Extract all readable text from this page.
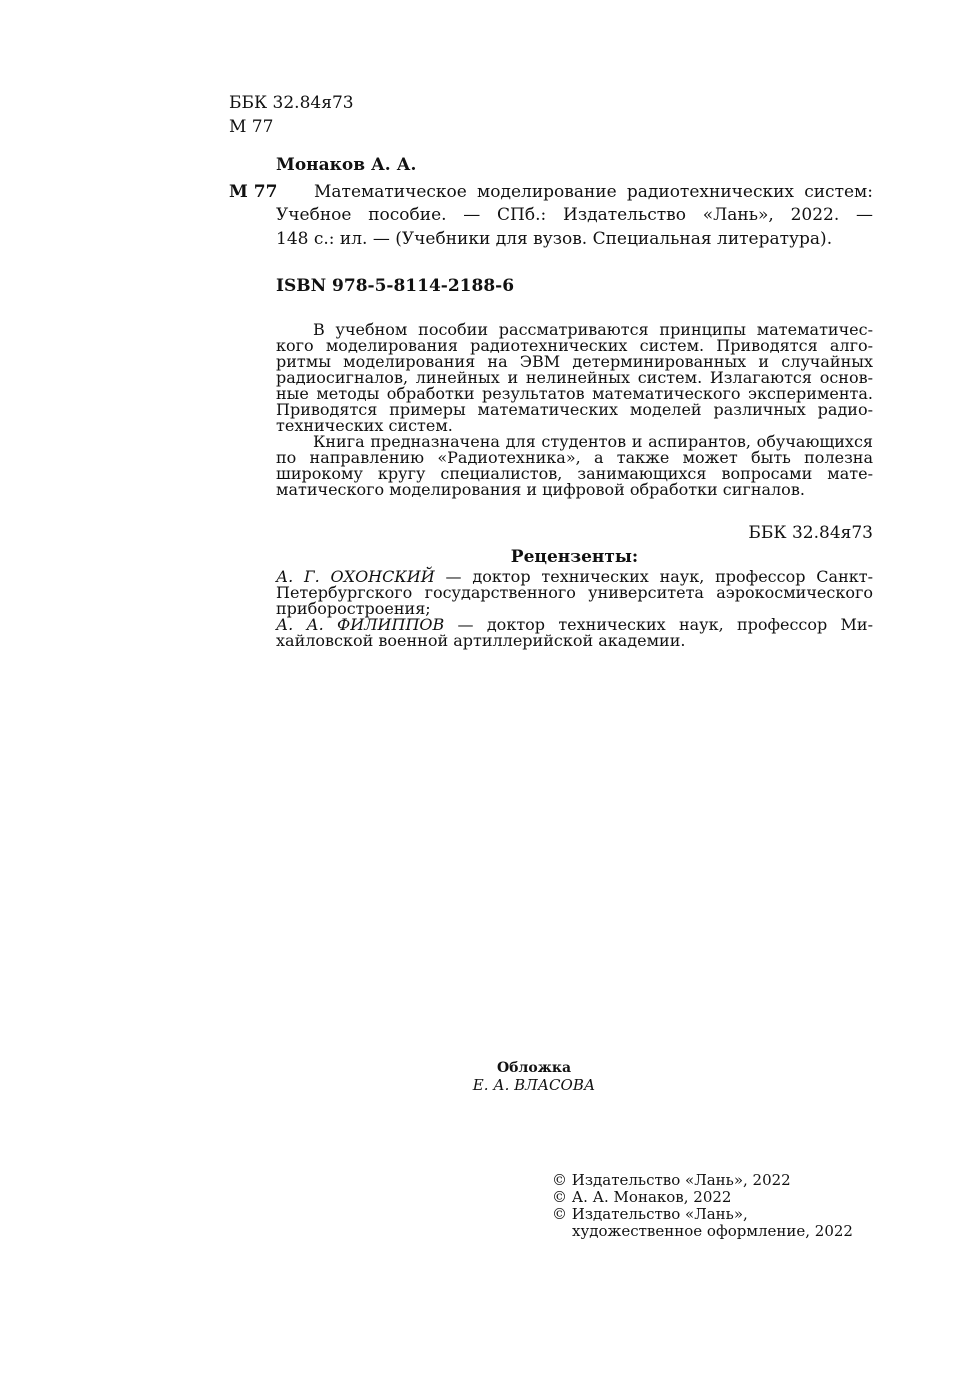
ББК 32.84я73
М 77
Монаков А. А.
М 77 Математическое моделирование радиотехнических систем:
Учебное пособие. — СПб.: Издательство «Лань», 2022. —
148 с.: ил. — (Учебники для вузов. Специальная литература).
ISBN 978-5-8114-2188-6
В учебном пособии рассматриваются принципы математичес-
кого моделирования радиотехнических систем. Приводятся алго-
ритмы моделирования на ЭВМ детерминированных и случайных
радиосигналов, линейных и нелинейных систем. Излагаются основ-
ные методы обработки результатов математического эксперимента.
Приводятся примеры математических моделей различных радио-
технических систем.
Книга предназначена для студентов и аспирантов, обучающихся
по направлению «Радиотехника», а также может быть полезна
широкому кругу специалистов, занимающихся вопросами мате-
матического моделирования и цифровой обработки сигналов.
ББК 32.84я73
Рецензенты:
А. Г. ОХОНСКИЙ — доктор технических наук, профессор Санкт-
Петербургского государственного университета аэрокосмического
приборостроения;
А. А. ФИЛИППОВ — доктор технических наук, профессор Ми-
хайловской военной артиллерийской академии.
Обложка
Е. А. ВЛАСОВА
© Издательство «Лань», 2022
© А. А. Монаков, 2022
© Издательство «Лань»,
художественное оформление, 2022
